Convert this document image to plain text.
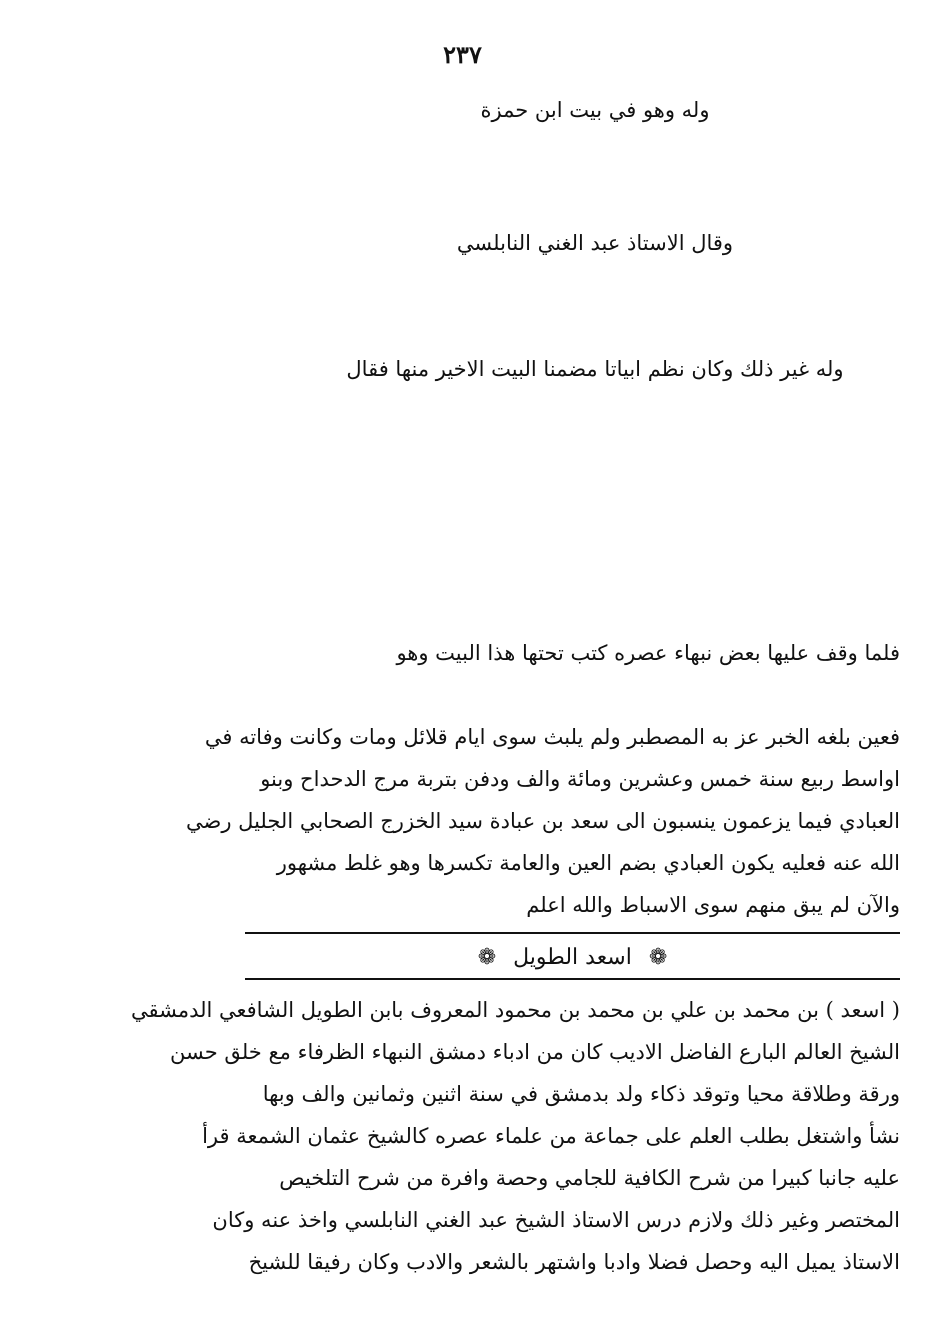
٢٣٧
وله وهو في بيت ابن حمزة
وقال الاستاذ عبد الغني النابلسي
وله غير ذلك وكان نظم ابياتا مضمنا البيت الاخير منها فقال
فلما وقف عليها بعض نبهاء عصره كتب تحتها هذا البيت وهو
فعين بلغه الخبر عز به المصطبر ولم يلبث سوى ايام قلائل ومات وكانت وفاته في
اواسط ربيع سنة خمس وعشرين ومائة والف ودفن بتربة مرج الدحداح وبنو
العبادي فيما يزعمون ينسبون الى سعد بن عبادة سيد الخزرج الصحابي الجليل رضي
الله عنه فعليه يكون العبادي بضم العين والعامة تكسرها وهو غلط مشهور
والآن لم يبق منهم سوى الاسباط والله اعلم
❁ اسعد الطويل ❁
( اسعد ) بن محمد بن علي بن محمد بن محمود المعروف بابن الطويل الشافعي الدمشقي
الشيخ العالم البارع الفاضل الاديب كان من ادباء دمشق النبهاء الظرفاء مع خلق حسن
ورقة وطلاقة محيا وتوقد ذكاء ولد بدمشق في سنة اثنين وثمانين والف وبها
نشأ واشتغل بطلب العلم على جماعة من علماء عصره كالشيخ عثمان الشمعة قرأ
عليه جانبا كبيرا من شرح الكافية للجامي وحصة وافرة من شرح التلخيص
المختصر وغير ذلك ولازم درس الاستاذ الشيخ عبد الغني النابلسي واخذ عنه وكان
الاستاذ يميل اليه وحصل فضلا وادبا واشتهر بالشعر والادب وكان رفيقا للشيخ
